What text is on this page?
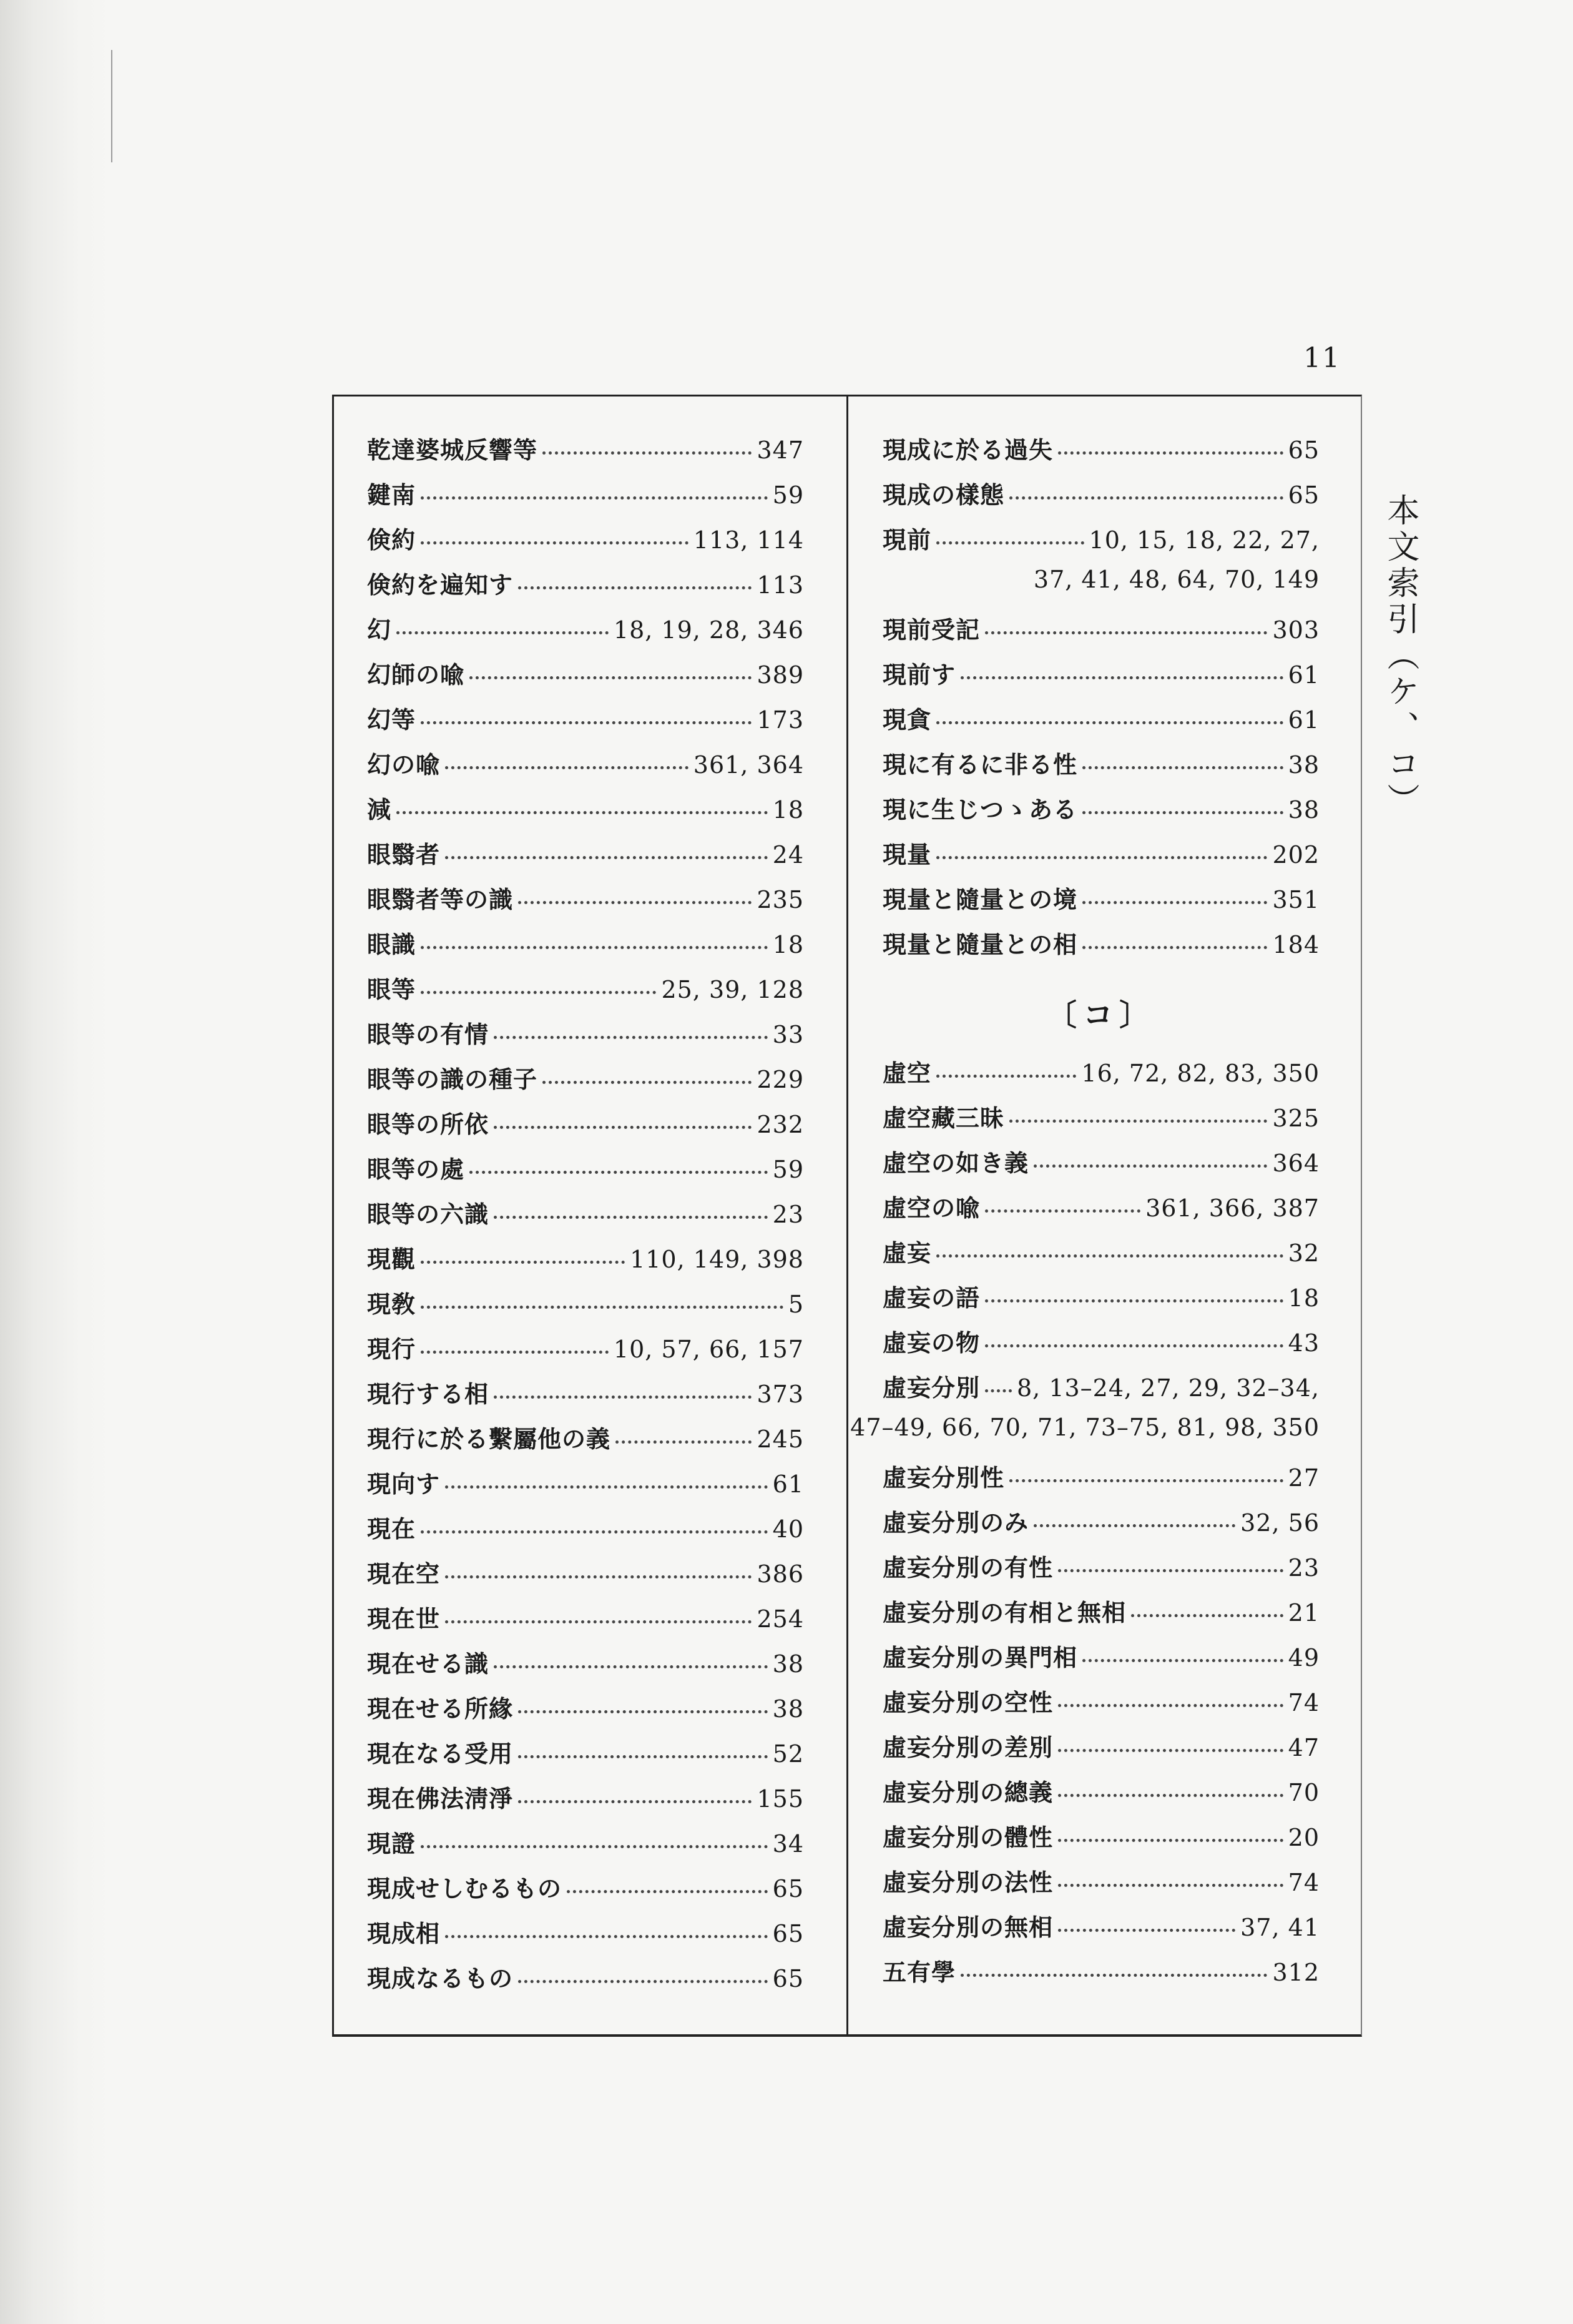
11
本文索引（ケ、コ）
乾達婆城反響等	347
鍵南	59
倹約	113, 114
倹約を遍知す	113
幻	18, 19, 28, 346
幻師の喩	389
幻等	173
幻の喩	361, 364
減	18
眼翳者	24
眼翳者等の識	235
眼識	18
眼等	25, 39, 128
眼等の有情	33
眼等の識の種子	229
眼等の所依	232
眼等の處	59
眼等の六識	23
現觀	110, 149, 398
現敎	5
現行	10, 57, 66, 157
現行する相	373
現行に於る繫屬他の義	245
現向す	61
現在	40
現在空	386
現在世	254
現在せる識	38
現在せる所緣	38
現在なる受用	52
現在佛法淸淨	155
現證	34
現成せしむるもの	65
現成相	65
現成なるもの	65
現成に於る過失	65
現成の樣態	65
現前	10, 15, 18, 22, 27,
37, 41, 48, 64, 70, 149
現前受記	303
現前す	61
現貪	61
現に有るに非る性	38
現に生じつゝある	38
現量	202
現量と隨量との境	351
現量と隨量との相	184
〔コ〕
虛空	16, 72, 82, 83, 350
虛空藏三昧	325
虛空の如き義	364
虛空の喩	361, 366, 387
虛妄	32
虛妄の語	18
虛妄の物	43
虛妄分別 8, 13–24, 27, 29, 32–34,
47–49, 66, 70, 71, 73–75, 81, 98, 350
虛妄分別性	27
虛妄分別のみ	32, 56
虛妄分別の有性	23
虛妄分別の有相と無相	21
虛妄分別の異門相	49
虛妄分別の空性	74
虛妄分別の差別	47
虛妄分別の總義	70
虛妄分別の體性	20
虛妄分別の法性	74
虛妄分別の無相	37, 41
五有學	312
